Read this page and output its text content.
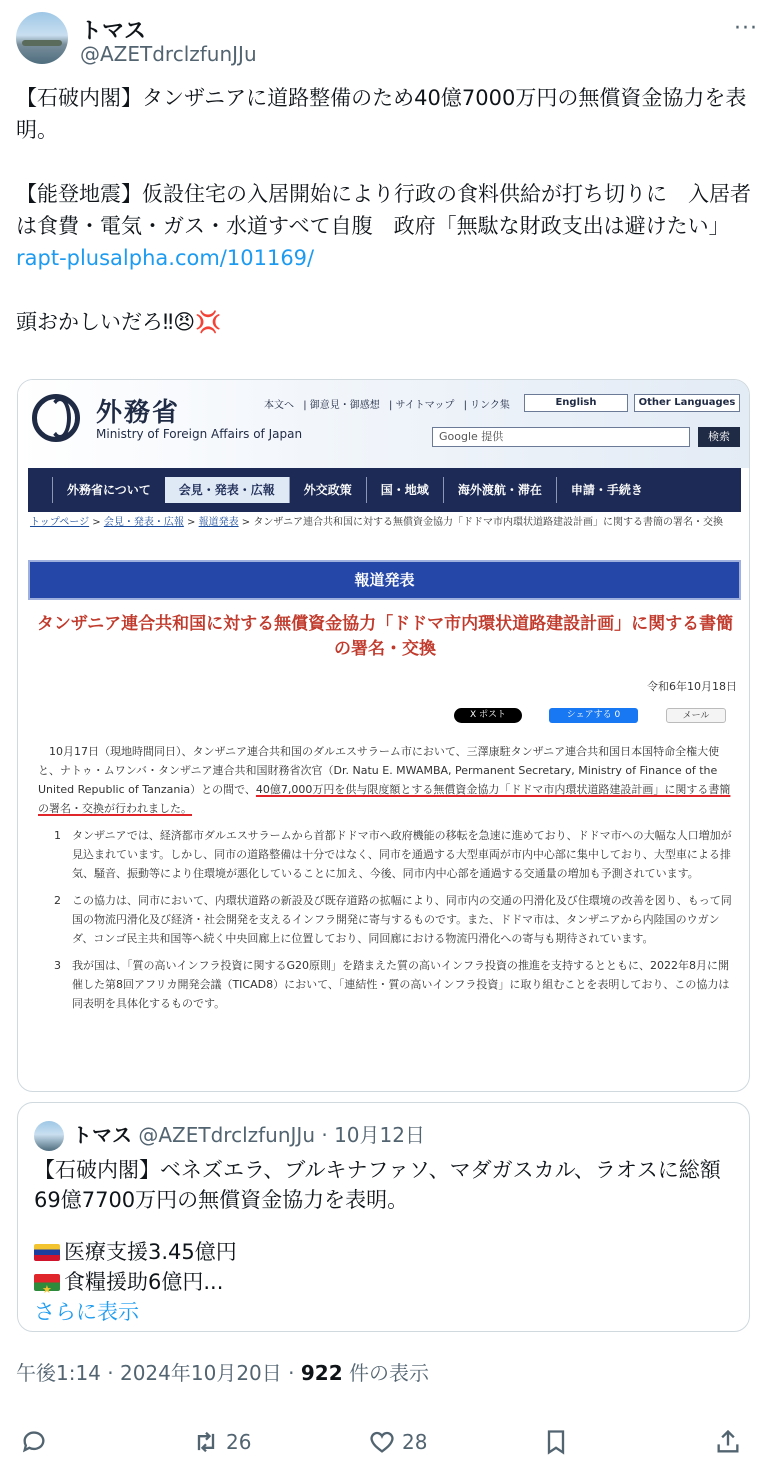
トマス
@AZETdrclzfunJJu
···

【石破内閣】タンザニアに道路整備のため40億7000万円の無償資金協力を表明。

【能登地震】仮設住宅の入居開始により行政の食料供給が打ち切りに　入居者は食費・電気・ガス・水道すべて自腹　政府「無駄な財政支出は避けたい」

rapt-plusalpha.com/101169/

頭おかしいだろ‼😠💢

外務省
Ministry of Foreign Affairs of Japan
本文へ | 御意見・御感想 | サイトマップ | リンク集	English	Other Languages
Google 提供	検索
外務省について	会見・発表・広報	外交政策	国・地域	海外渡航・滞在	申請・手続き
トップページ > 会見・発表・広報 > 報道発表 > タンザニア連合共和国に対する無償資金協力「ドドマ市内環状道路建設計画」に関する書簡の署名・交換
報道発表
タンザニア連合共和国に対する無償資金協力「ドドマ市内環状道路建設計画」に関する書簡の署名・交換
令和6年10月18日
X ポスト	シェアする 0	メール

10月17日（現地時間同日）、タンザニア連合共和国のダルエスサラーム市において、三澤康駐タンザニア連合共和国日本国特命全権大使と、ナトゥ・ムワンバ・タンザニア連合共和国財務省次官（Dr. Natu E. MWAMBA, Permanent Secretary, Ministry of Finance of the United Republic of Tanzania）との間で、40億7,000万円を供与限度額とする無償資金協力「ドドマ市内環状道路建設計画」に関する書簡の署名・交換が行われました。

1 タンザニアでは、経済都市ダルエスサラームから首都ドドマ市へ政府機能の移転を急速に進めており、ドドマ市への大幅な人口増加が見込まれています。しかし、同市の道路整備は十分ではなく、同市を通過する大型車両が市内中心部に集中しており、大型車による排気、騒音、振動等により住環境が悪化していることに加え、今後、同市内中心部を通過する交通量の増加も予測されています。
2 この協力は、同市において、内環状道路の新設及び既存道路の拡幅により、同市内の交通の円滑化及び住環境の改善を図り、もって同国の物流円滑化及び経済・社会開発を支えるインフラ開発に寄与するものです。また、ドドマ市は、タンザニアから内陸国のウガンダ、コンゴ民主共和国等へ続く中央回廊上に位置しており、同回廊における物流円滑化への寄与も期待されています。
3 我が国は、「質の高いインフラ投資に関するG20原則」を踏まえた質の高いインフラ投資の推進を支持するとともに、2022年8月に開催した第8回アフリカ開発会議（TICAD8）において、「連結性・質の高いインフラ投資」に取り組むことを表明しており、この協力は同表明を具体化するものです。
トマス @AZETdrclzfunJJu · 10月12日

【石破内閣】ベネズエラ、ブルキナファソ、マダガスカル、ラオスに総額69億7700万円の無償資金協力を表明。

医療支援3.45億円

★食糧援助6億円...

さらに表示

午後1:14 · 2024年10月20日 · 922 件の表示
26	28
